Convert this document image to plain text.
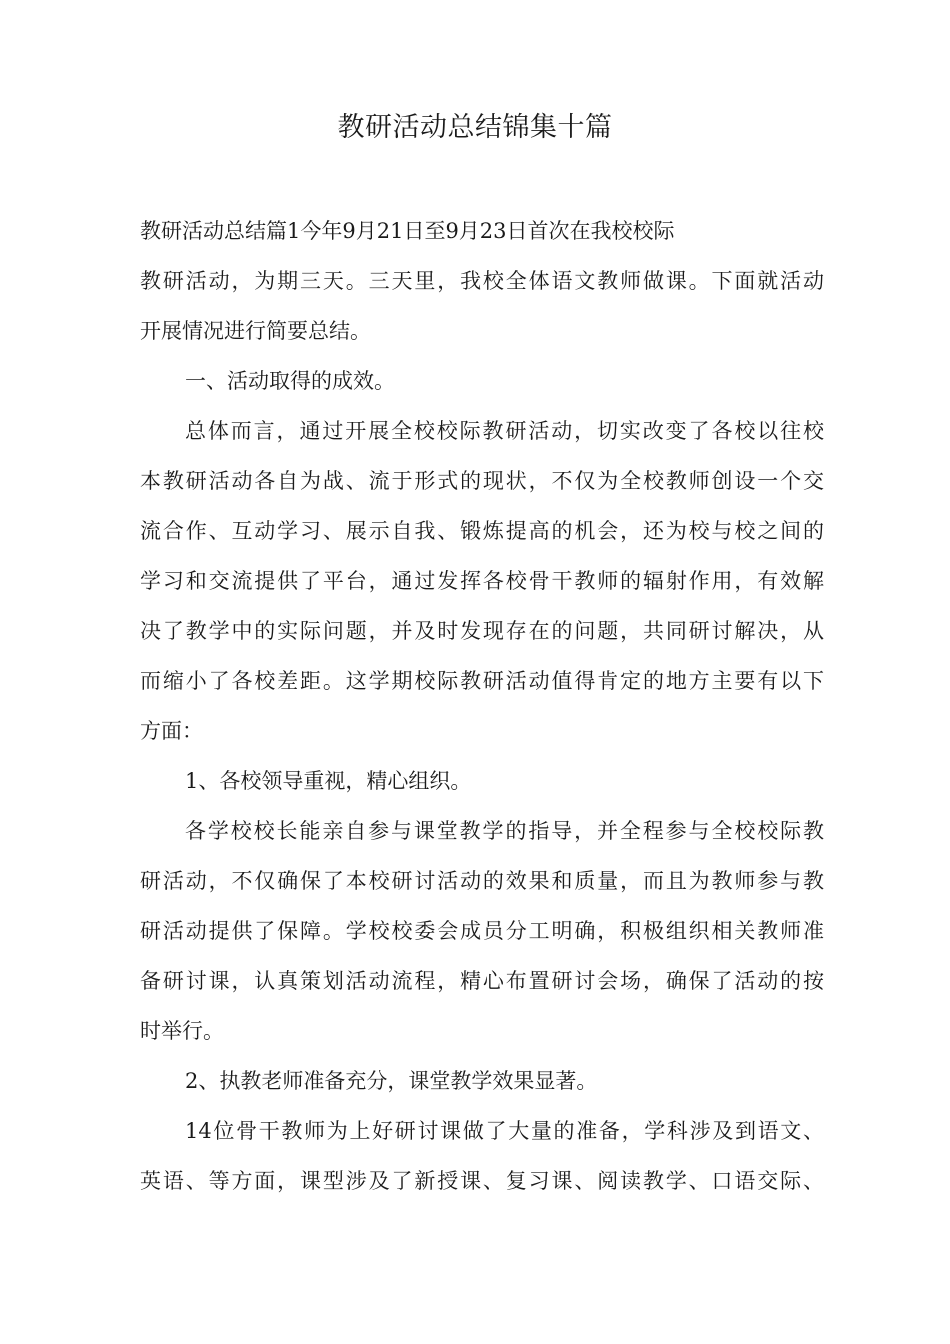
教研活动总结锦集十篇
教研活动总结篇1今年9月21日至9月23日首次在我校校际
教研活动，为期三天。三天里，我校全体语文教师做课。下面就活动
开展情况进行简要总结。
一、活动取得的成效。
总体而言，通过开展全校校际教研活动，切实改变了各校以往校
本教研活动各自为战、流于形式的现状，不仅为全校教师创设一个交
流合作、互动学习、展示自我、锻炼提高的机会，还为校与校之间的
学习和交流提供了平台，通过发挥各校骨干教师的辐射作用，有效解
决了教学中的实际问题，并及时发现存在的问题，共同研讨解决，从
而缩小了各校差距。这学期校际教研活动值得肯定的地方主要有以下
方面：
1、各校领导重视，精心组织。
各学校校长能亲自参与课堂教学的指导，并全程参与全校校际教
研活动，不仅确保了本校研讨活动的效果和质量，而且为教师参与教
研活动提供了保障。学校校委会成员分工明确，积极组织相关教师准
备研讨课，认真策划活动流程，精心布置研讨会场，确保了活动的按
时举行。
2、执教老师准备充分，课堂教学效果显著。
14位骨干教师为上好研讨课做了大量的准备，学科涉及到语文、
英语、等方面，课型涉及了新授课、复习课、阅读教学、口语交际、
